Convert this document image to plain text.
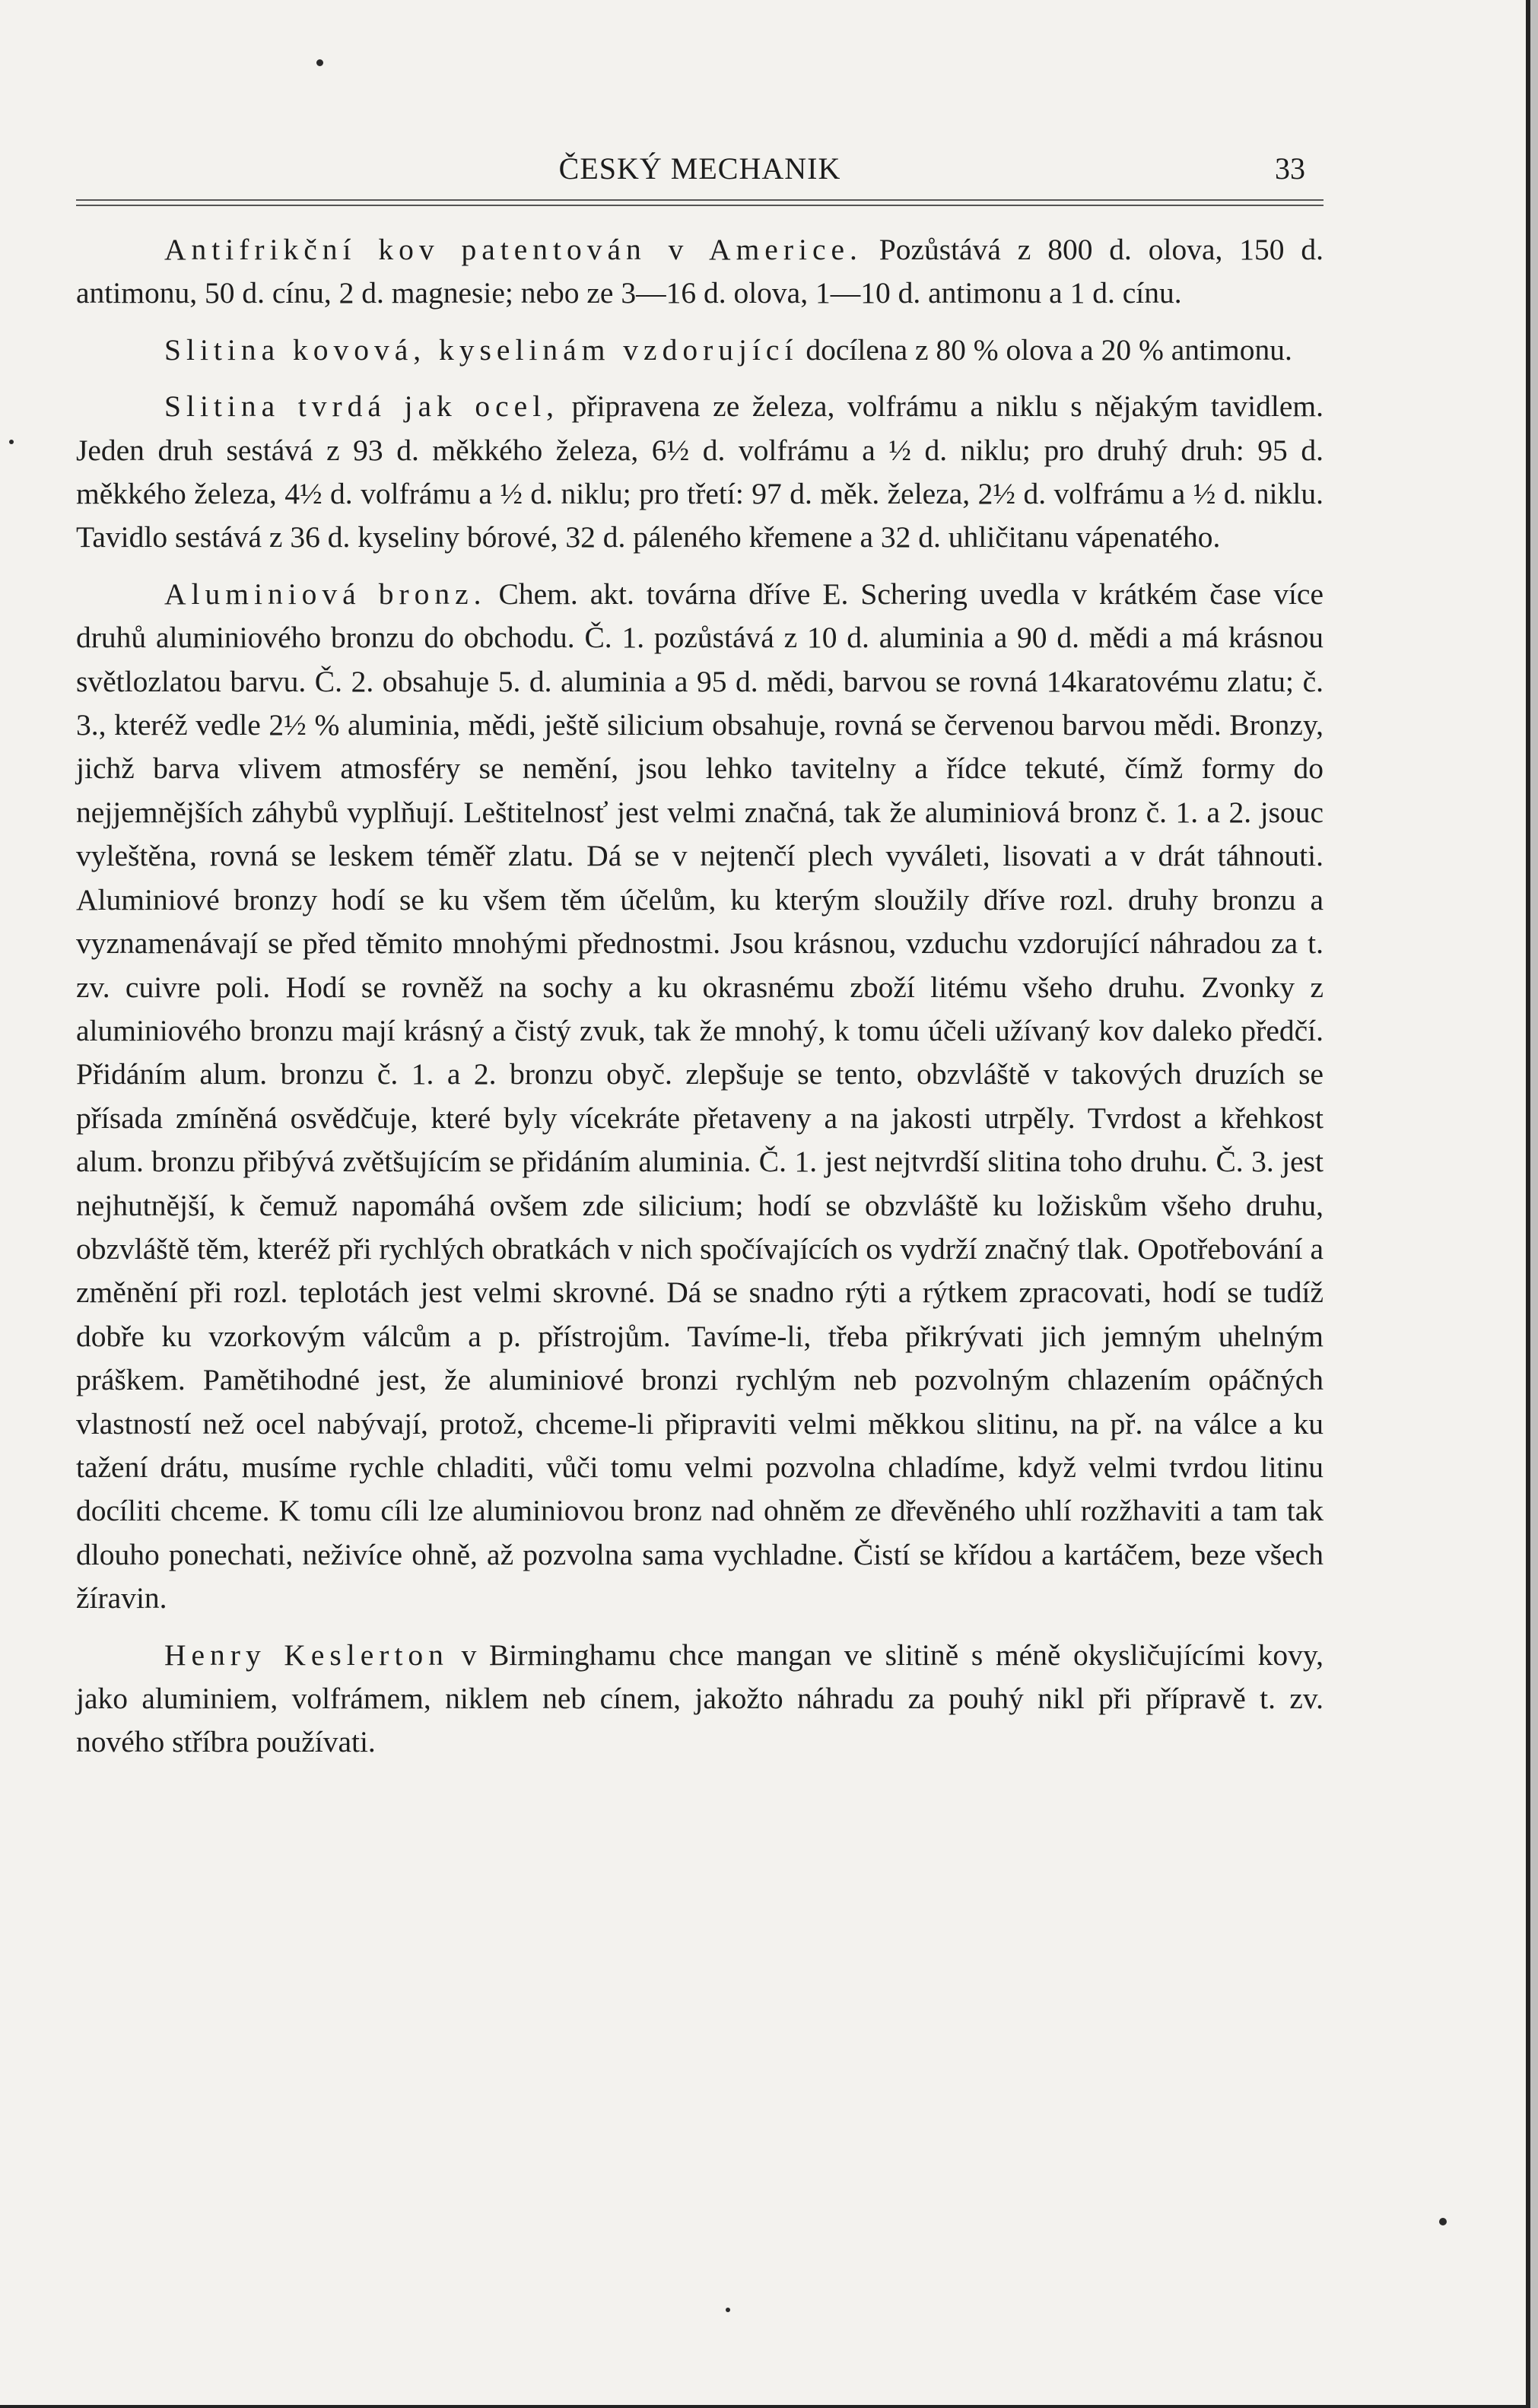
ČESKÝ MECHANIK	33

Antifrikční kov patentován v Americe. Pozůstává z 800 d. olova, 150 d. antimonu, 50 d. cínu, 2 d. magnesie; nebo ze 3—16 d. olova, 1—10 d. antimonu a 1 d. cínu.

Slitina kovová, kyselinám vzdorující docílena z 80 % olova a 20 % antimonu.

Slitina tvrdá jak ocel, připravena ze železa, volfrámu a niklu s nějakým tavidlem. Jeden druh sestává z 93 d. měkkého železa, 6½ d. volfrámu a ½ d. niklu; pro druhý druh: 95 d. měkkého železa, 4½ d. volfrámu a ½ d. niklu; pro třetí: 97 d. měk. železa, 2½ d. volfrámu a ½ d. niklu. Tavidlo sestává z 36 d. kyseliny bórové, 32 d. páleného křemene a 32 d. uhličitanu vápenatého.

Aluminiová bronz. Chem. akt. továrna dříve E. Schering uvedla v krátkém čase více druhů aluminiového bronzu do obchodu. Č. 1. pozůstává z 10 d. aluminia a 90 d. mědi a má krásnou světlozlatou barvu. Č. 2. obsahuje 5. d. aluminia a 95 d. mědi, barvou se rovná 14karatovému zlatu; č. 3., kteréž vedle 2½ % aluminia, mědi, ještě silicium obsahuje, rovná se červenou barvou mědi. Bronzy, jichž barva vlivem atmosféry se nemění, jsou lehko tavitelny a řídce tekuté, čímž formy do nejjemnějších záhybů vyplňují. Leštitelnosť jest velmi značná, tak že aluminiová bronz č. 1. a 2. jsouc vyleštěna, rovná se leskem téměř zlatu. Dá se v nejtenčí plech vyváleti, lisovati a v drát táhnouti. Aluminiové bronzy hodí se ku všem těm účelům, ku kterým sloužily dříve rozl. druhy bronzu a vyznamenávají se před těmito mnohými přednostmi. Jsou krásnou, vzduchu vzdorující náhradou za t. zv. cuivre poli. Hodí se rovněž na sochy a ku okrasnému zboží litému všeho druhu. Zvonky z aluminiového bronzu mají krásný a čistý zvuk, tak že mnohý, k tomu účeli užívaný kov daleko předčí. Přidáním alum. bronzu č. 1. a 2. bronzu obyč. zlepšuje se tento, obzvláště v takových druzích se přísada zmíněná osvědčuje, které byly vícekráte přetaveny a na jakosti utrpěly. Tvrdost a křehkost alum. bronzu přibývá zvětšujícím se přidáním aluminia. Č. 1. jest nejtvrdší slitina toho druhu. Č. 3. jest nejhutnější, k čemuž napomáhá ovšem zde silicium; hodí se obzvláště ku ložiskům všeho druhu, obzvláště těm, kteréž při rychlých obratkách v nich spočívajících os vydrží značný tlak. Opotřebování a změnění při rozl. teplotách jest velmi skrovné. Dá se snadno rýti a rýtkem zpracovati, hodí se tudíž dobře ku vzorkovým válcům a p. přístrojům. Tavíme-li, třeba přikrývati jich jemným uhelným práškem. Pamětihodné jest, že aluminiové bronzi rychlým neb pozvolným chlazením opáčných vlastností než ocel nabývají, protož, chceme-li připraviti velmi měkkou slitinu, na př. na válce a ku tažení drátu, musíme rychle chladiti, vůči tomu velmi pozvolna chladíme, když velmi tvrdou litinu docíliti chceme. K tomu cíli lze aluminiovou bronz nad ohněm ze dřevěného uhlí rozžhaviti a tam tak dlouho ponechati, neživíce ohně, až pozvolna sama vychladne. Čistí se křídou a kartáčem, beze všech žíravin.

Henry Keslerton v Birminghamu chce mangan ve slitině s méně okysličujícími kovy, jako aluminiem, volfrámem, niklem neb cínem, jakožto náhradu za pouhý nikl při přípravě t. zv. nového stříbra používati.
